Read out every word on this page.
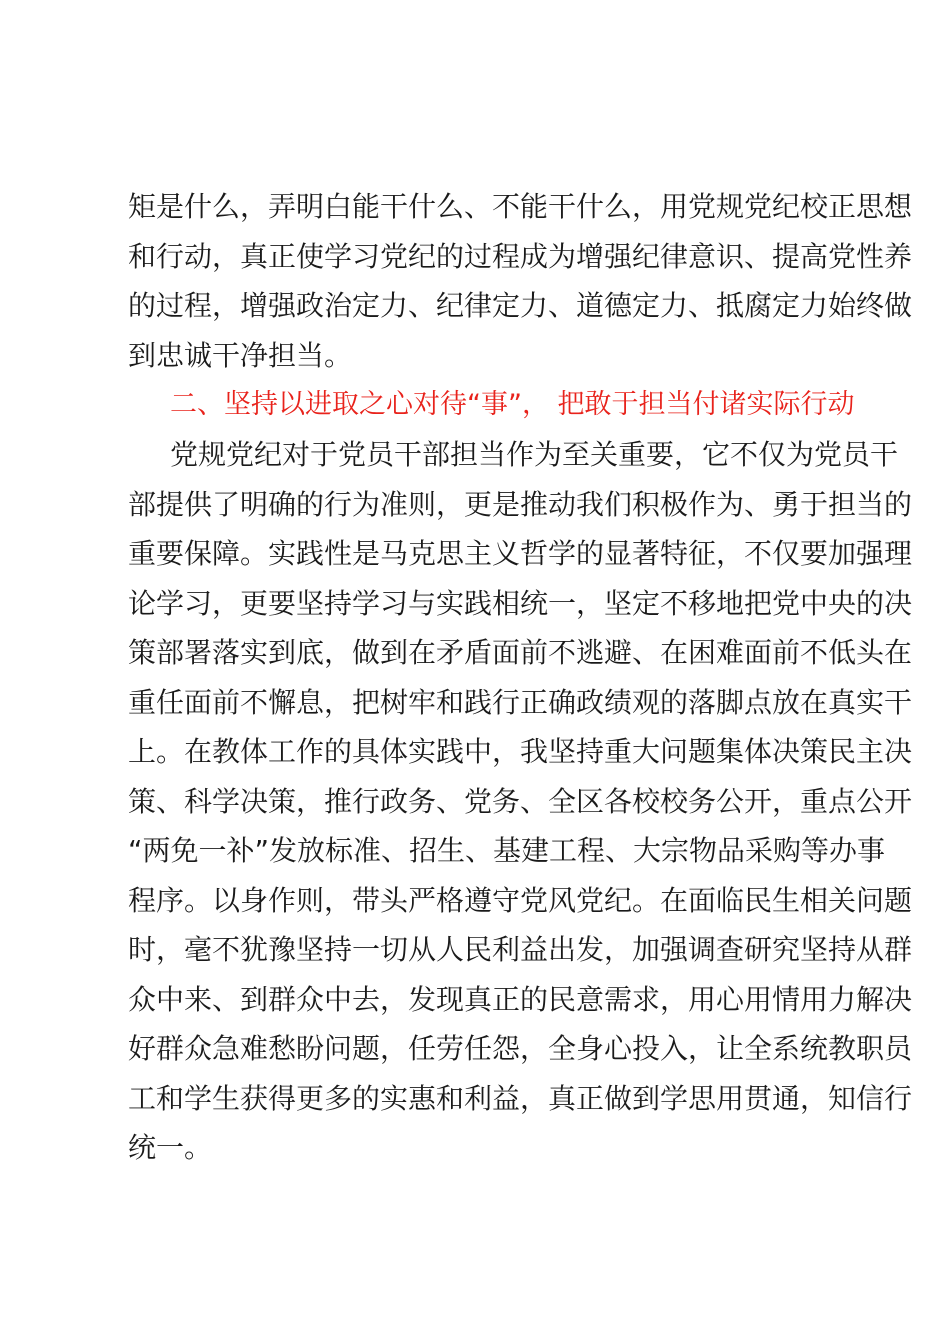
矩是什么，弄明白能干什么、不能干什么，用党规党纪校正思想
和行动，真正使学习党纪的过程成为增强纪律意识、提高党性养
的过程，增强政治定力、纪律定力、道德定力、抵腐定力始终做
到忠诚干净担当。
二、坚持以进取之心对待“事”， 把敢于担当付诸实际行动
党规党纪对于党员干部担当作为至关重要，它不仅为党员干
部提供了明确的行为准则，更是推动我们积极作为、勇于担当的
重要保障。实践性是马克思主义哲学的显著特征，不仅要加强理
论学习，更要坚持学习与实践相统一，坚定不移地把党中央的决
策部署落实到底，做到在矛盾面前不逃避、在困难面前不低头在
重任面前不懈息，把树牢和践行正确政绩观的落脚点放在真实干
上。在教体工作的具体实践中，我坚持重大问题集体决策民主决
策、科学决策，推行政务、党务、全区各校校务公开，重点公开
“两免一补”发放标准、招生、基建工程、大宗物品采购等办事
程序。以身作则，带头严格遵守党风党纪。在面临民生相关问题
时，毫不犹豫坚持一切从人民利益出发，加强调查研究坚持从群
众中来、到群众中去，发现真正的民意需求，用心用情用力解决
好群众急难愁盼问题，任劳任怨，全身心投入，让全系统教职员
工和学生获得更多的实惠和利益，真正做到学思用贯通，知信行
统一。
